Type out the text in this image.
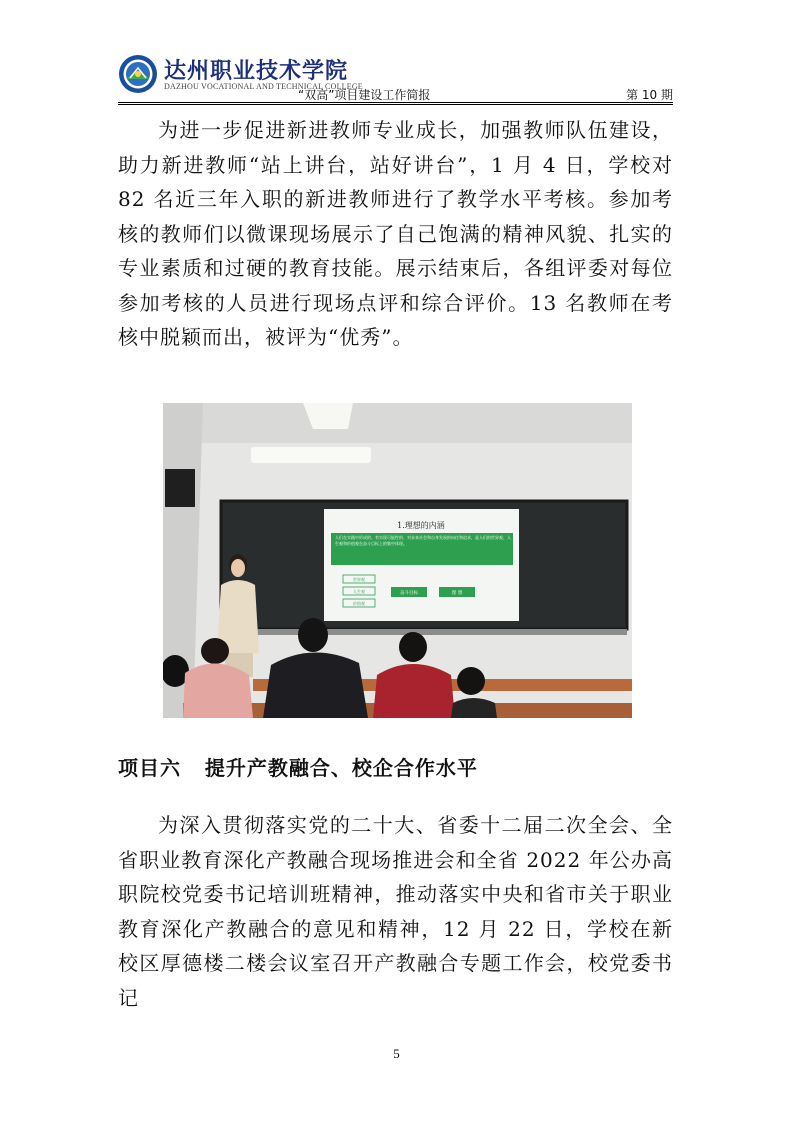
达州职业技术学院
DAZHOU VOCATIONAL AND TECHNICAL COLLEGE
“双高”项目建设工作简报	第 10 期

为进一步促进新进教师专业成长，加强教师队伍建设，助力新进教师“站上讲台，站好讲台”，1 月 4 日，学校对 82 名近三年入职的新进教师进行了教学水平考核。参加考核的教师们以微课现场展示了自己饱满的精神风貌、扎实的专业素质和过硬的教育技能。展示结束后，各组评委对每位参加考核的人员进行现场点评和综合评价。13 名教师在考核中脱颖而出，被评为“优秀”。

1.理想的内涵
人们在实践中形成的、有实现可能性的、对未来社会和自身发展的向往和追求，是人们的世界观、人生观和价值观在奋斗目标上的集中体现。
世界观
人生观
价值观
奋斗目标	理 想
项目六   提升产教融合、校企合作水平

为深入贯彻落实党的二十大、省委十二届二次全会、全省职业教育深化产教融合现场推进会和全省 2022 年公办高职院校党委书记培训班精神，推动落实中央和省市关于职业教育深化产教融合的意见和精神，12 月 22 日，学校在新校区厚德楼二楼会议室召开产教融合专题工作会，校党委书记

5
